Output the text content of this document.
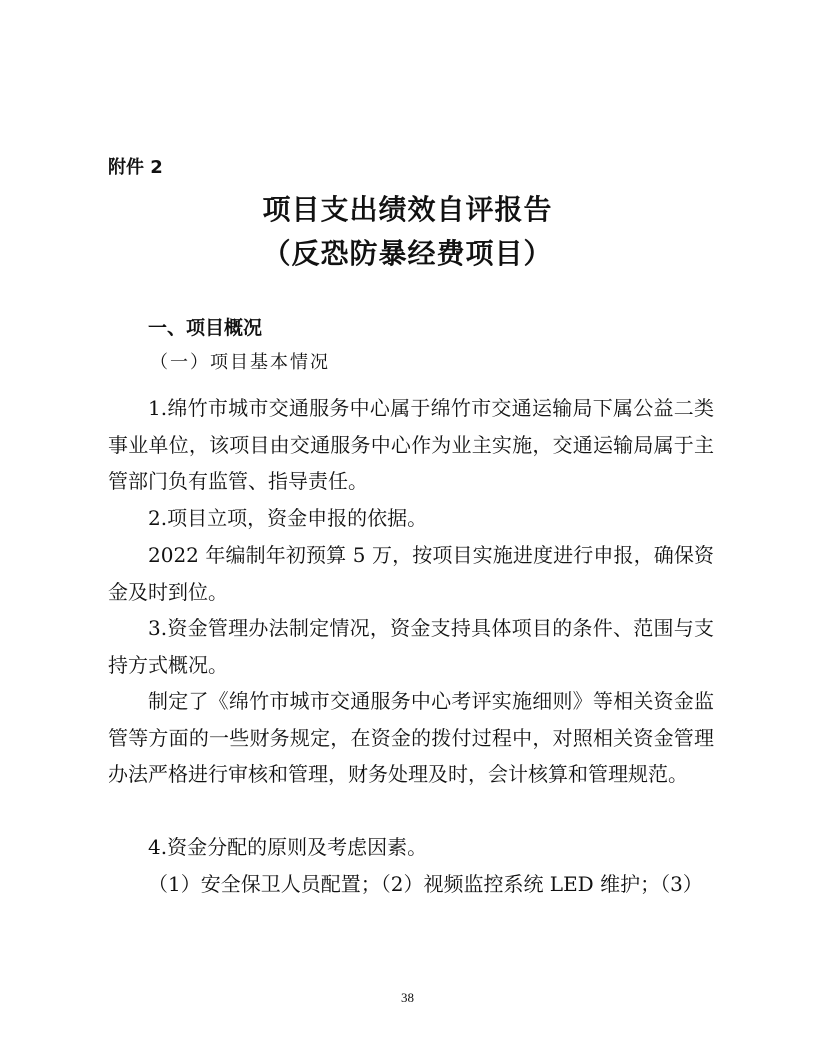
附件 2
项目支出绩效自评报告
（反恐防暴经费项目）
一、项目概况
（一）项目基本情况

1.绵竹市城市交通服务中心属于绵竹市交通运输局下属公益二类事业单位，该项目由交通服务中心作为业主实施，交通运输局属于主管部门负有监管、指导责任。

2.项目立项，资金申报的依据。

2022 年编制年初预算 5 万，按项目实施进度进行申报，确保资金及时到位。

3.资金管理办法制定情况，资金支持具体项目的条件、范围与支持方式概况。

制定了《绵竹市城市交通服务中心考评实施细则》等相关资金监管等方面的一些财务规定，在资金的拨付过程中，对照相关资金管理办法严格进行审核和管理，财务处理及时，会计核算和管理规范。

4.资金分配的原则及考虑因素。

（1）安全保卫人员配置；（2）视频监控系统 LED 维护；（3）

38
